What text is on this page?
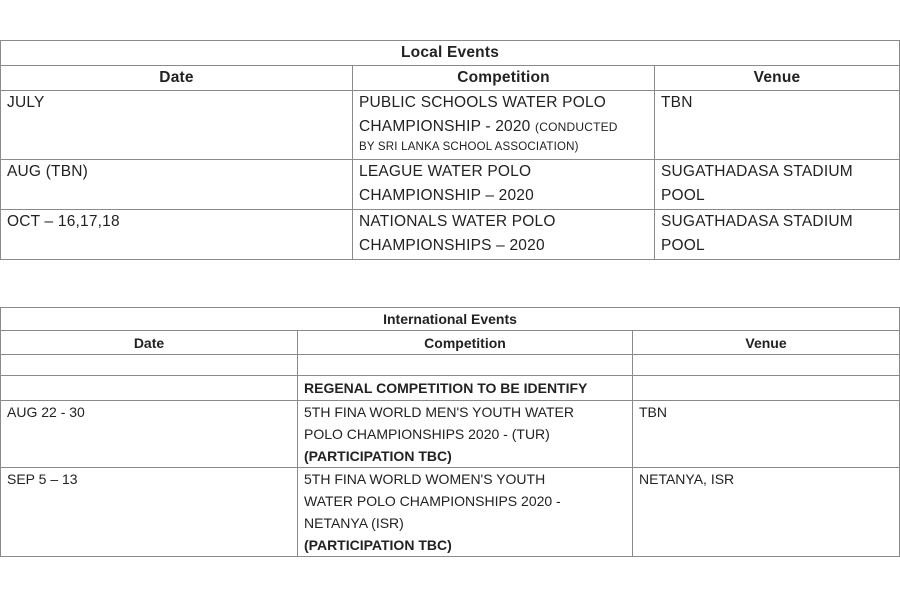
Local Events		
Date	Competition	Venue
JULY	PUBLIC SCHOOLS WATER POLO
CHAMPIONSHIP - 2020 (CONDUCTED
BY SRI LANKA SCHOOL ASSOCIATION)	TBN
AUG (TBN)	LEAGUE WATER POLO
CHAMPIONSHIP – 2020	SUGATHADASA STADIUM
POOL
OCT – 16,17,18	NATIONALS WATER POLO
CHAMPIONSHIPS – 2020	SUGATHADASA STADIUM
POOL
International Events		
Date	Competition	Venue

	REGENAL COMPETITION TO BE IDENTIFY	
AUG 22 - 30	5TH FINA WORLD MEN'S YOUTH WATER
POLO CHAMPIONSHIPS 2020 - (TUR)
(PARTICIPATION TBC)	TBN
SEP 5 – 13	5TH FINA WORLD WOMEN'S YOUTH
WATER POLO CHAMPIONSHIPS 2020 -
NETANYA (ISR)
(PARTICIPATION TBC)	NETANYA, ISR
